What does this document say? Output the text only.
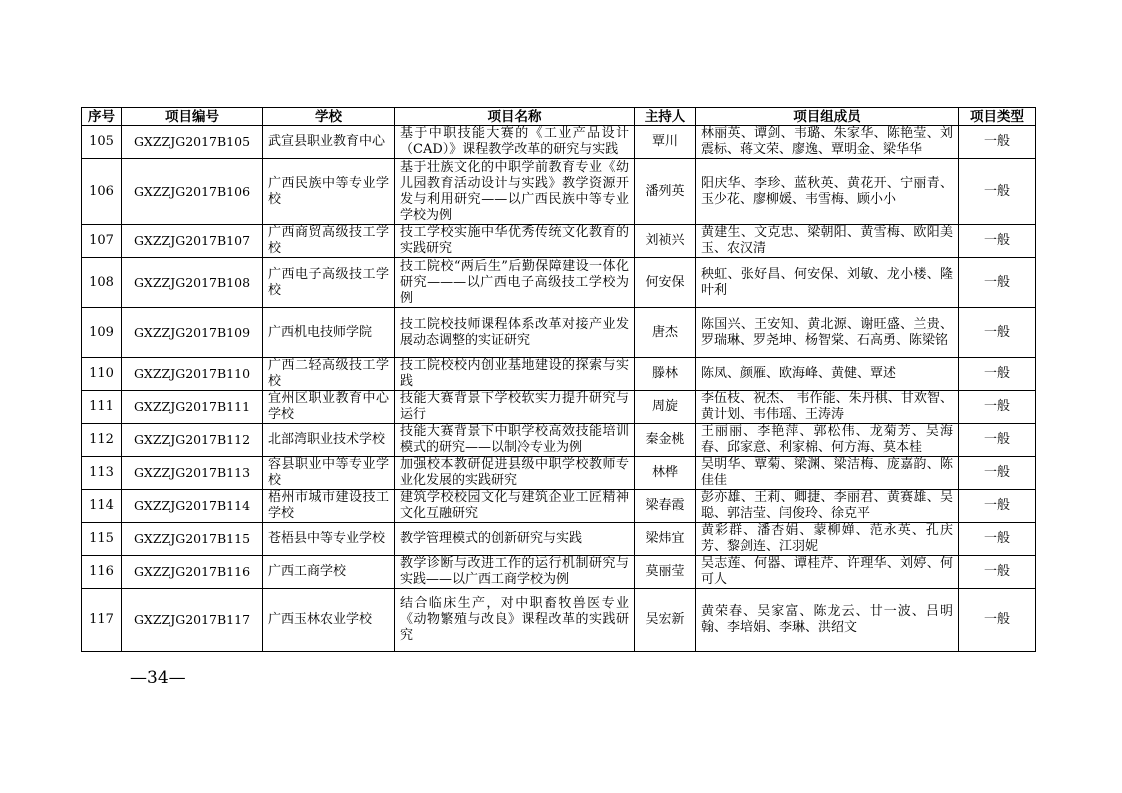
序号	项目编号	学校	项目名称	主持人	项目组成员	项目类型
105	GXZZJG2017B105	武宣县职业教育中心	基于中职技能大赛的《工业产品设计（CAD）》课程教学改革的研究与实践	覃川	林丽英、谭剑、韦璐、朱家华、陈艳莹、刘震标、蒋文荣、廖逸、覃明金、梁华华	一般
106	GXZZJG2017B106	广西民族中等专业学校	基于壮族文化的中职学前教育专业《幼儿园教育活动设计与实践》教学资源开发与利用研究——以广西民族中等专业学校为例	潘列英	阳庆华、李珍、蓝秋英、黄花开、宁丽青、玉少花、廖柳媛、韦雪梅、顾小小	一般
107	GXZZJG2017B107	广西商贸高级技工学校	技工学校实施中华优秀传统文化教育的实践研究	刘祯兴	黄建生、文克忠、梁朝阳、黄雪梅、欧阳美玉、农汉清	一般
108	GXZZJG2017B108	广西电子高级技工学校	技工院校“两后生”后勤保障建设一体化研究———以广西电子高级技工学校为例	何安保	秧虹、张好昌、何安保、刘敏、龙小楼、隆叶利	一般
109	GXZZJG2017B109	广西机电技师学院	技工院校技师课程体系改革对接产业发展动态调整的实证研究	唐杰	陈国兴、王安知、黄北源、谢旺盛、兰贵、罗瑞琳、罗尧坤、杨智棠、石高勇、陈梁铭	一般
110	GXZZJG2017B110	广西二轻高级技工学校	技工院校校内创业基地建设的探索与实践	滕林	陈凤、颜雁、欧海峰、黄健、覃述	一般
111	GXZZJG2017B111	宜州区职业教育中心学校	技能大赛背景下学校软实力提升研究与运行	周旋	李伍枝、祝杰、 韦作能、朱丹棋、甘欢智、黄计划、韦伟瑶、王涛涛	一般
112	GXZZJG2017B112	北部湾职业技术学校	技能大赛背景下中职学校高效技能培训模式的研究——以制冷专业为例	秦金桃	王丽丽、李艳萍、郭松伟、龙菊芳、吴海春、邱家意、利家棉、何方海、莫本桂	一般
113	GXZZJG2017B113	容县职业中等专业学校	加强校本教研促进县级中职学校教师专业化发展的实践研究	林桦	吴明华、覃菊、梁渊、梁洁梅、庞嘉韵、陈佳佳	一般
114	GXZZJG2017B114	梧州市城市建设技工学校	建筑学校校园文化与建筑企业工匠精神文化互融研究	梁春霞	彭亦雄、王莉、卿捷、李丽君、黄赛雄、吴聪、郭洁莹、闫俊玲、徐克平	一般
115	GXZZJG2017B115	苍梧县中等专业学校	教学管理模式的创新研究与实践	梁炜宜	黄彩群、潘杏娟、蒙柳婵、范永英、孔庆芳、黎剑连、江羽妮	一般
116	GXZZJG2017B116	广西工商学校	教学诊断与改进工作的运行机制研究与实践——以广西工商学校为例	莫丽莹	吴志莲、何器、谭桂芹、许理华、刘婷、何可人	一般
117	GXZZJG2017B117	广西玉林农业学校	结合临床生产，对中职畜牧兽医专业《动物繁殖与改良》课程改革的实践研究	吴宏新	黄荣春、吴家富、陈龙云、廿一波、吕明翰、李培娟、李琳、洪绍文	一般
—34—
